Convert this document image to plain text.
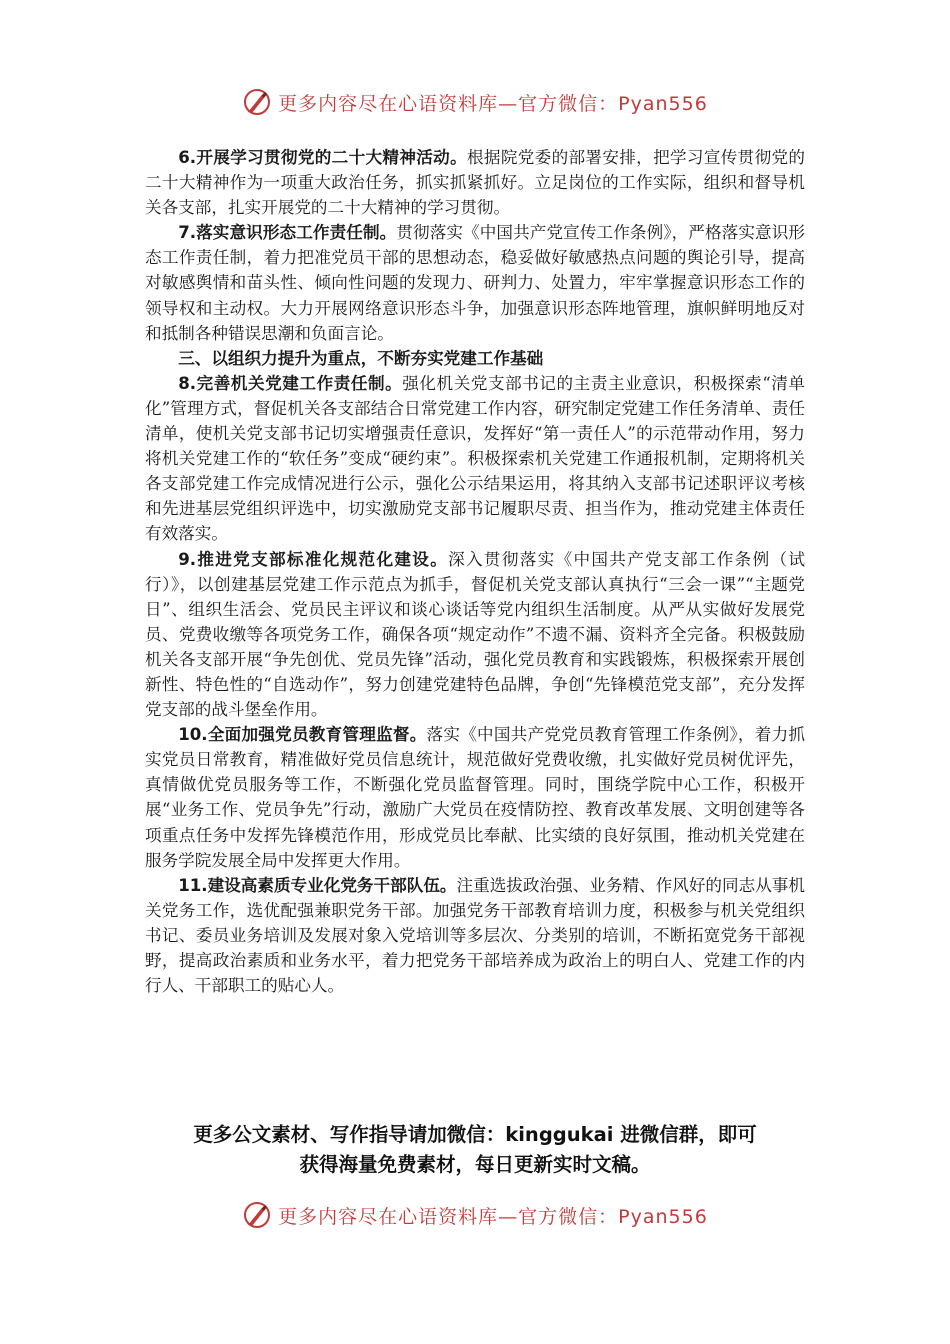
更多内容尽在心语资料库—官方微信：Pyan556

6.开展学习贯彻党的二十大精神活动。根据院党委的部署安排，把学习宣传贯彻党的二十大精神作为一项重大政治任务，抓实抓紧抓好。立足岗位的工作实际，组织和督导机关各支部，扎实开展党的二十大精神的学习贯彻。

7.落实意识形态工作责任制。贯彻落实《中国共产党宣传工作条例》，严格落实意识形态工作责任制，着力把准党员干部的思想动态，稳妥做好敏感热点问题的舆论引导，提高对敏感舆情和苗头性、倾向性问题的发现力、研判力、处置力，牢牢掌握意识形态工作的领导权和主动权。大力开展网络意识形态斗争，加强意识形态阵地管理，旗帜鲜明地反对和抵制各种错误思潮和负面言论。

三、以组织力提升为重点，不断夯实党建工作基础

8.完善机关党建工作责任制。强化机关党支部书记的主责主业意识，积极探索“清单化”管理方式，督促机关各支部结合日常党建工作内容，研究制定党建工作任务清单、责任清单，使机关党支部书记切实增强责任意识，发挥好“第一责任人”的示范带动作用，努力将机关党建工作的“软任务”变成“硬约束”。积极探索机关党建工作通报机制，定期将机关各支部党建工作完成情况进行公示，强化公示结果运用，将其纳入支部书记述职评议考核和先进基层党组织评选中，切实激励党支部书记履职尽责、担当作为，推动党建主体责任有效落实。

9.推进党支部标准化规范化建设。深入贯彻落实《中国共产党支部工作条例（试行）》，以创建基层党建工作示范点为抓手，督促机关党支部认真执行“三会一课”“主题党日”、组织生活会、党员民主评议和谈心谈话等党内组织生活制度。从严从实做好发展党员、党费收缴等各项党务工作，确保各项“规定动作”不遗不漏、资料齐全完备。积极鼓励机关各支部开展“争先创优、党员先锋”活动，强化党员教育和实践锻炼，积极探索开展创新性、特色性的“自选动作”，努力创建党建特色品牌，争创“先锋模范党支部”，充分发挥党支部的战斗堡垒作用。

10.全面加强党员教育管理监督。落实《中国共产党党员教育管理工作条例》，着力抓实党员日常教育，精准做好党员信息统计，规范做好党费收缴，扎实做好党员树优评先，真情做优党员服务等工作，不断强化党员监督管理。同时，围绕学院中心工作，积极开展“业务工作、党员争先”行动，激励广大党员在疫情防控、教育改革发展、文明创建等各项重点任务中发挥先锋模范作用，形成党员比奉献、比实绩的良好氛围，推动机关党建在服务学院发展全局中发挥更大作用。

11.建设高素质专业化党务干部队伍。注重选拔政治强、业务精、作风好的同志从事机关党务工作，选优配强兼职党务干部。加强党务干部教育培训力度，积极参与机关党组织书记、委员业务培训及发展对象入党培训等多层次、分类别的培训，不断拓宽党务干部视野，提高政治素质和业务水平，着力把党务干部培养成为政治上的明白人、党建工作的内行人、干部职工的贴心人。

更多公文素材、写作指导请加微信：kinggukai 进微信群，即可
获得海量免费素材，每日更新实时文稿。
更多内容尽在心语资料库—官方微信：Pyan556
